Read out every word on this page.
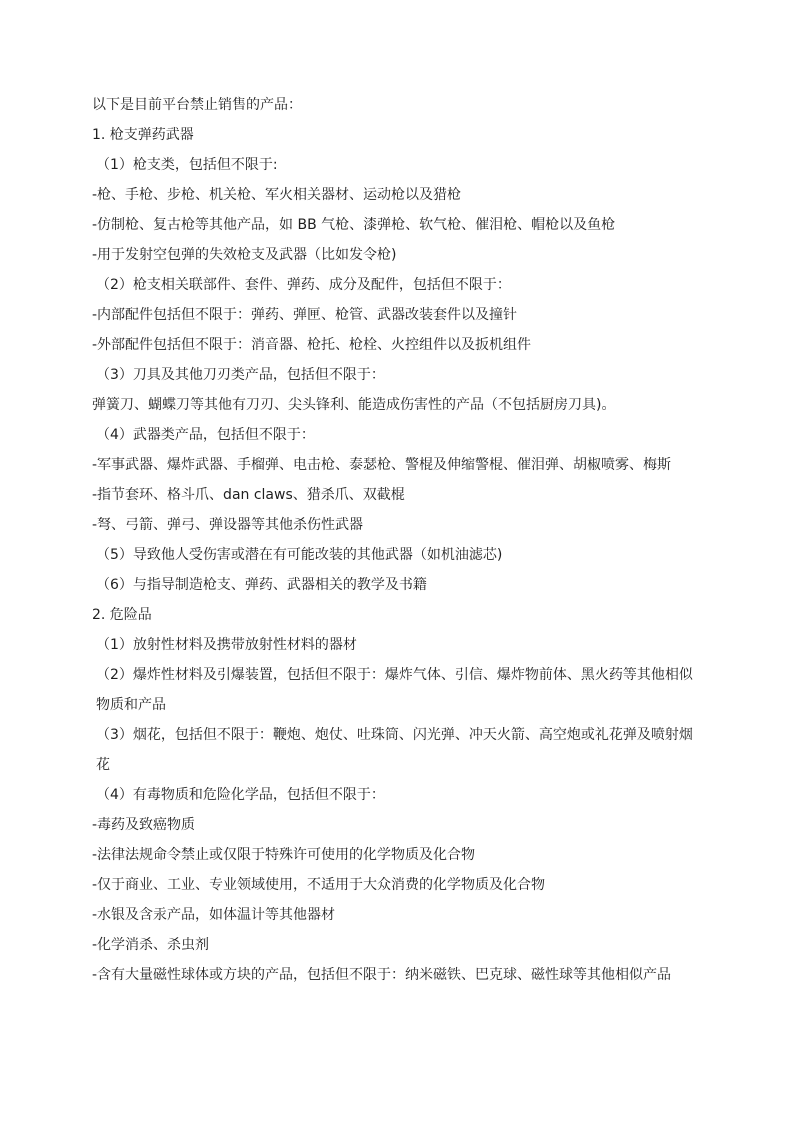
以下是目前平台禁止销售的产品：

1. 枪支弹药武器

（1）枪支类，包括但不限于:

-枪、手枪、步枪、机关枪、军火相关器材、运动枪以及猎枪

-仿制枪、复古枪等其他产品，如 BB 气枪、漆弹枪、软气枪、催泪枪、帽枪以及鱼枪

-用于发射空包弹的失效枪支及武器（比如发令枪)

（2）枪支相关联部件、套件、弹药、成分及配件，包括但不限于：

-内部配件包括但不限于：弹药、弹匣、枪管、武器改装套件以及撞针

-外部配件包括但不限于：消音器、枪托、枪栓、火控组件以及扳机组件

（3）刀具及其他刀刃类产品，包括但不限于：

弹簧刀、蝴蝶刀等其他有刀刃、尖头锋利、能造成伤害性的产品（不包括厨房刀具)。

（4）武器类产品，包括但不限于：

-军事武器、爆炸武器、手榴弹、电击枪、泰瑟枪、警棍及伸缩警棍、催泪弹、胡椒喷雾、梅斯

-指节套环、格斗爪、dan claws、猎杀爪、双截棍

-弩、弓箭、弹弓、弹设器等其他杀伤性武器

（5）导致他人受伤害或潜在有可能改装的其他武器（如机油滤芯)

（6）与指导制造枪支、弹药、武器相关的教学及书籍

2. 危险品

（1）放射性材料及携带放射性材料的器材

（2）爆炸性材料及引爆装置，包括但不限于：爆炸气体、引信、爆炸物前体、黑火药等其他相似物质和产品

（3）烟花，包括但不限于：鞭炮、炮仗、吐珠筒、闪光弹、冲天火箭、高空炮或礼花弹及喷射烟花

（4）有毒物质和危险化学品，包括但不限于：

-毒药及致癌物质

-法律法规命令禁止或仅限于特殊许可使用的化学物质及化合物

-仅于商业、工业、专业领域使用，不适用于大众消费的化学物质及化合物

-水银及含汞产品，如体温计等其他器材

-化学消杀、杀虫剂

-含有大量磁性球体或方块的产品，包括但不限于：纳米磁铁、巴克球、磁性球等其他相似产品
